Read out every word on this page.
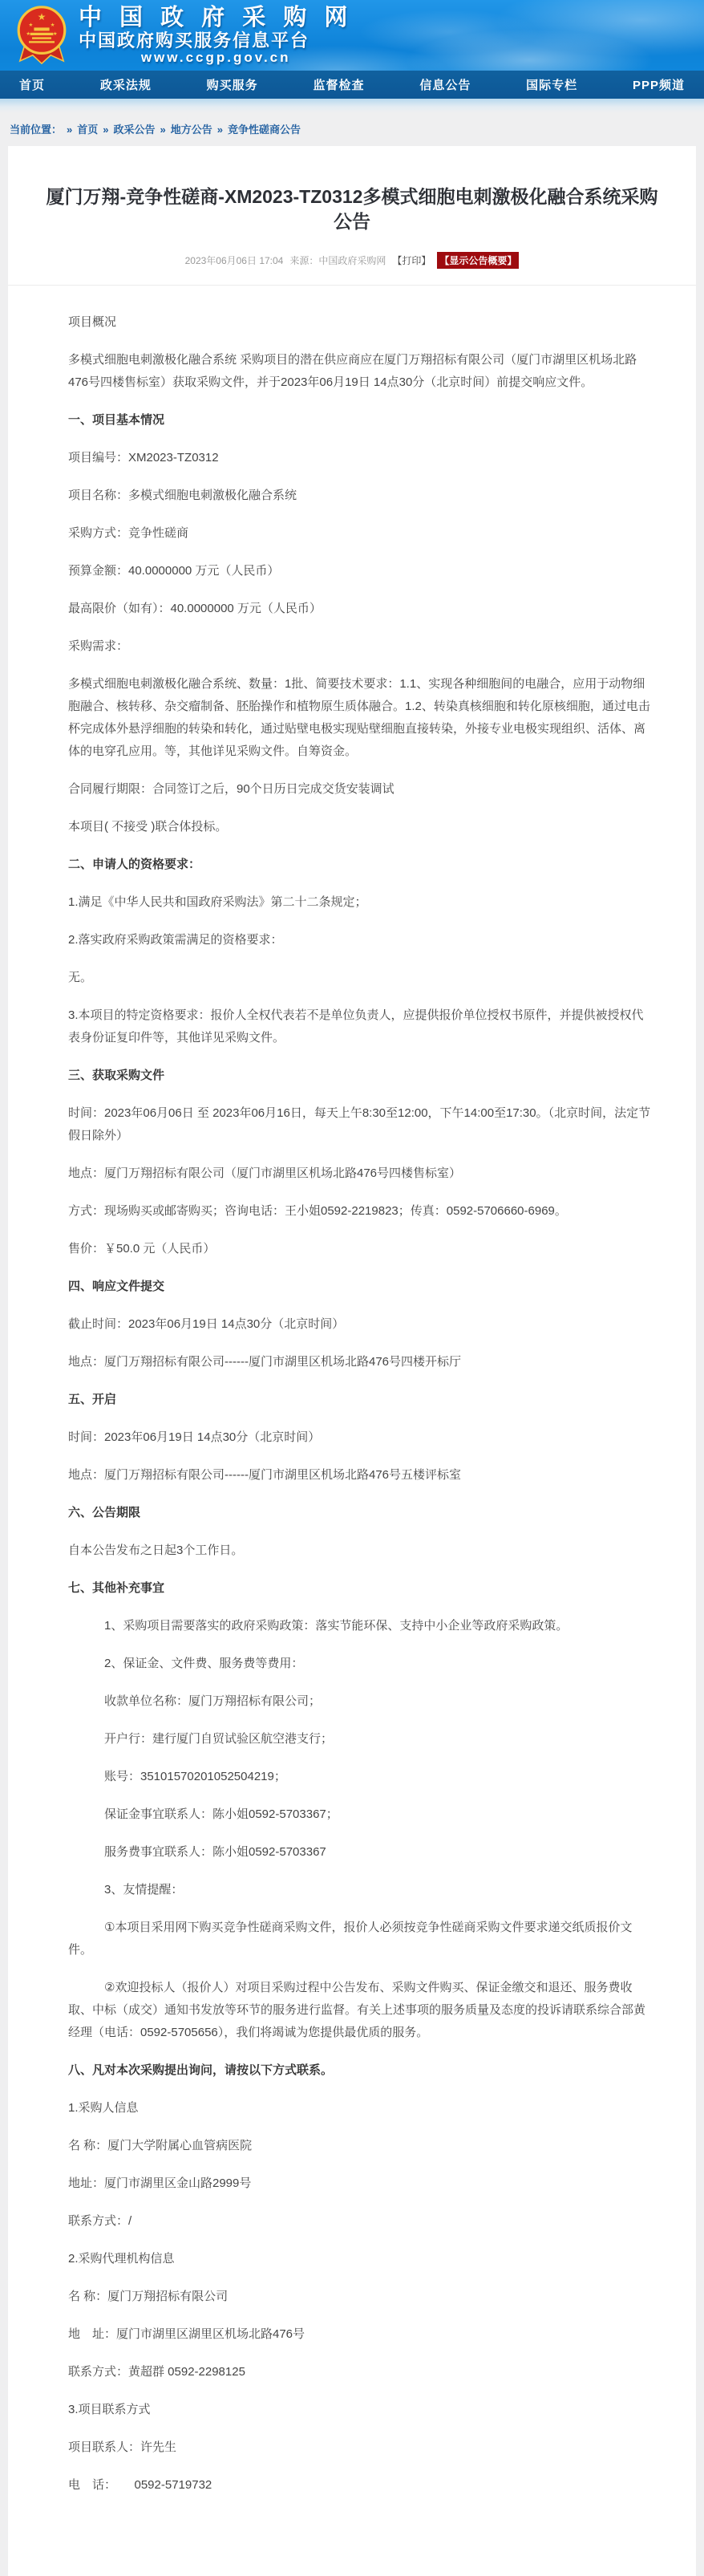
★
★	★
★	★
中 国 政 府 采 购 网
中国政府购买服务信息平台
www.ccgp.gov.cn
首页	政采法规	购买服务	监督检查	信息公告	国际专栏	PPP频道
当前位置： » 首页 » 政采公告 » 地方公告 » 竞争性磋商公告
厦门万翔-竞争性磋商-XM2023-TZ0312多模式细胞电刺激极化融合系统采购公告
2023年06月06日 17:04 来源：中国政府采购网 【打印】 【显示公告概要】

项目概况

多模式细胞电刺激极化融合系统 采购项目的潜在供应商应在厦门万翔招标有限公司（厦门市湖里区机场北路476号四楼售标室）获取采购文件，并于2023年06月19日 14点30分（北京时间）前提交响应文件。

一、项目基本情况

项目编号：XM2023-TZ0312

项目名称：多模式细胞电刺激极化融合系统

采购方式：竞争性磋商

预算金额：40.0000000 万元（人民币）

最高限价（如有）：40.0000000 万元（人民币）

采购需求：

多模式细胞电刺激极化融合系统、数量：1批、简要技术要求：1.1、实现各种细胞间的电融合，应用于动物细胞融合、核转移、杂交瘤制备、胚胎操作和植物原生质体融合。1.2、转染真核细胞和转化原核细胞，通过电击杯完成体外悬浮细胞的转染和转化，通过贴壁电极实现贴壁细胞直接转染，外接专业电极实现组织、活体、离体的电穿孔应用。等，其他详见采购文件。自筹资金。

合同履行期限：合同签订之后，90个日历日完成交货安装调试

本项目( 不接受 )联合体投标。

二、申请人的资格要求：

1.满足《中华人民共和国政府采购法》第二十二条规定；

2.落实政府采购政策需满足的资格要求：

无。

3.本项目的特定资格要求：报价人全权代表若不是单位负责人，应提供报价单位授权书原件，并提供被授权代表身份证复印件等，其他详见采购文件。

三、获取采购文件

时间：2023年06月06日 至 2023年06月16日，每天上午8:30至12:00，下午14:00至17:30。（北京时间，法定节假日除外）

地点：厦门万翔招标有限公司（厦门市湖里区机场北路476号四楼售标室）

方式：现场购买或邮寄购买；咨询电话：王小姐0592-2219823；传真：0592-5706660-6969。

售价：￥50.0 元（人民币）

四、响应文件提交

截止时间：2023年06月19日 14点30分（北京时间）

地点：厦门万翔招标有限公司------厦门市湖里区机场北路476号四楼开标厅

五、开启

时间：2023年06月19日 14点30分（北京时间）

地点：厦门万翔招标有限公司------厦门市湖里区机场北路476号五楼评标室

六、公告期限

自本公告发布之日起3个工作日。

七、其他补充事宜

1、采购项目需要落实的政府采购政策：落实节能环保、支持中小企业等政府采购政策。

2、保证金、文件费、服务费等费用：

收款单位名称：厦门万翔招标有限公司；

开户行：建行厦门自贸试验区航空港支行；

账号：35101570201052504219；

保证金事宜联系人：陈小姐0592-5703367；

服务费事宜联系人：陈小姐0592-5703367

3、友情提醒：

①本项目采用网下购买竞争性磋商采购文件，报价人必须按竞争性磋商采购文件要求递交纸质报价文件。

②欢迎投标人（报价人）对项目采购过程中公告发布、采购文件购买、保证金缴交和退还、服务费收取、中标（成交）通知书发放等环节的服务进行监督。有关上述事项的服务质量及态度的投诉请联系综合部黄经理（电话：0592-5705656），我们将竭诚为您提供最优质的服务。

八、凡对本次采购提出询问，请按以下方式联系。

1.采购人信息

名 称：厦门大学附属心血管病医院

地址：厦门市湖里区金山路2999号

联系方式：/

2.采购代理机构信息

名 称：厦门万翔招标有限公司

地　址：厦门市湖里区湖里区机场北路476号

联系方式：黄超群 0592-2298125

3.项目联系方式

项目联系人：许先生

电　话：　　0592-5719732
